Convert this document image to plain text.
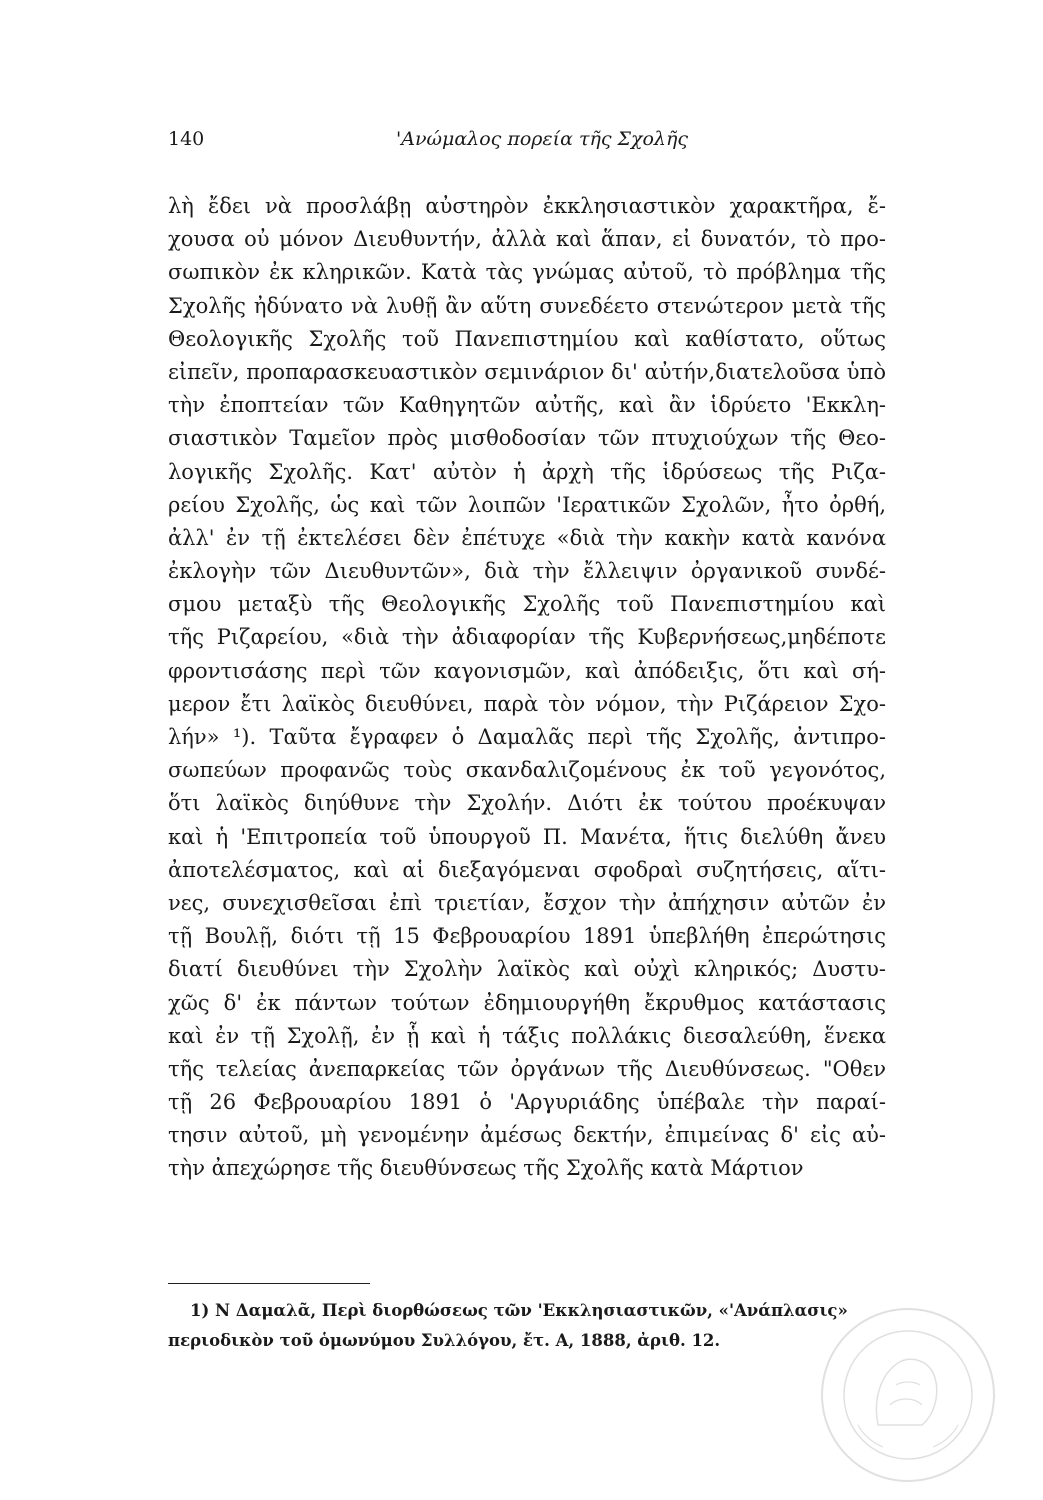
140	'Ανώμαλος πορεία τῆς Σχολῆς
λὴ ἔδει νὰ προσλάβῃ αὐστηρὸν ἐκκλησιαστικὸν χαρακτῆρα, ἔ-
χουσα οὐ μόνον Διευθυντήν, ἀλλὰ καὶ ἅπαν, εἰ δυνατόν, τὸ προ-
σωπικὸν ἐκ κληρικῶν. Κατὰ τὰς γνώμας αὐτοῦ, τὸ πρόβλημα τῆς
Σχολῆς ἠδύνατο νὰ λυθῇ ἂν αὕτη συνεδέετο στενώτερον μετὰ τῆς
Θεολογικῆς Σχολῆς τοῦ Πανεπιστημίου καὶ καθίστατο, οὕτως
εἰπεῖν, προπαρασκευαστικὸν σεμινάριον δι' αὐτήν,διατελοῦσα ὑπὸ
τὴν ἐποπτείαν τῶν Καθηγητῶν αὐτῆς, καὶ ἂν ἱδρύετο 'Εκκλη-
σιαστικὸν Ταμεῖον πρὸς μισθοδοσίαν τῶν πτυχιούχων τῆς Θεο-
λογικῆς Σχολῆς. Κατ' αὐτὸν ἡ ἀρχὴ τῆς ἱδρύσεως τῆς Ριζα-
ρείου Σχολῆς, ὡς καὶ τῶν λοιπῶν 'Ιερατικῶν Σχολῶν, ἦτο ὀρθή,
ἀλλ' ἐν τῇ ἐκτελέσει δὲν ἐπέτυχε «διὰ τὴν κακὴν κατὰ κανόνα
ἐκλογὴν τῶν Διευθυντῶν», διὰ τὴν ἔλλειψιν ὀργανικοῦ συνδέ-
σμου μεταξὺ τῆς Θεολογικῆς Σχολῆς τοῦ Πανεπιστημίου καὶ
τῆς Ριζαρείου, «διὰ τὴν ἀδιαφορίαν τῆς Κυβερνήσεως,μηδέποτε
φροντισάσης περὶ τῶν καγονισμῶν, καὶ ἀπόδειξις, ὅτι καὶ σή-
μερον ἔτι λαϊκὸς διευθύνει, παρὰ τὸν νόμον, τὴν Ριζάρειον Σχο-
λήν» ¹). Ταῦτα ἔγραφεν ὁ Δαμαλᾶς περὶ τῆς Σχολῆς, ἀντιπρο-
σωπεύων προφανῶς τοὺς σκανδαλιζομένους ἐκ τοῦ γεγονότος,
ὅτι λαϊκὸς διηύθυνε τὴν Σχολήν. Διότι ἐκ τούτου προέκυψαν
καὶ ἡ 'Επιτροπεία τοῦ ὑπουργοῦ Π. Μανέτα, ἥτις διελύθη ἄνευ
ἀποτελέσματος, καὶ αἱ διεξαγόμεναι σφοδραὶ συζητήσεις, αἵτι-
νες, συνεχισθεῖσαι ἐπὶ τριετίαν, ἔσχον τὴν ἀπήχησιν αὐτῶν ἐν
τῇ Βουλῇ, διότι τῇ 15 Φεβρουαρίου 1891 ὑπεβλήθη ἐπερώτησις
διατί διευθύνει τὴν Σχολὴν λαϊκὸς καὶ οὐχὶ κληρικός; Δυστυ-
χῶς δ' ἐκ πάντων τούτων ἐδημιουργήθη ἔκρυθμος κατάστασις
καὶ ἐν τῇ Σχολῇ, ἐν ᾗ καὶ ἡ τάξις πολλάκις διεσαλεύθη, ἕνεκα
τῆς τελείας ἀνεπαρκείας τῶν ὀργάνων τῆς Διευθύνσεως. "Οθεν
τῇ 26 Φεβρουαρίου 1891 ὁ 'Αργυριάδης ὑπέβαλε τὴν παραί-
τησιν αὐτοῦ, μὴ γενομένην ἀμέσως δεκτήν, ἐπιμείνας δ' εἰς αὐ-
τὴν ἀπεχώρησε τῆς διευθύνσεως τῆς Σχολῆς κατὰ Μάρτιον
1) Ν Δαμαλᾶ, Περὶ διορθώσεως τῶν 'Εκκλησιαστικῶν, «'Ανάπλασις»
περιοδικὸν τοῦ ὁμωνύμου Συλλόγου, ἔτ. Α, 1888, ἀριθ. 12.
